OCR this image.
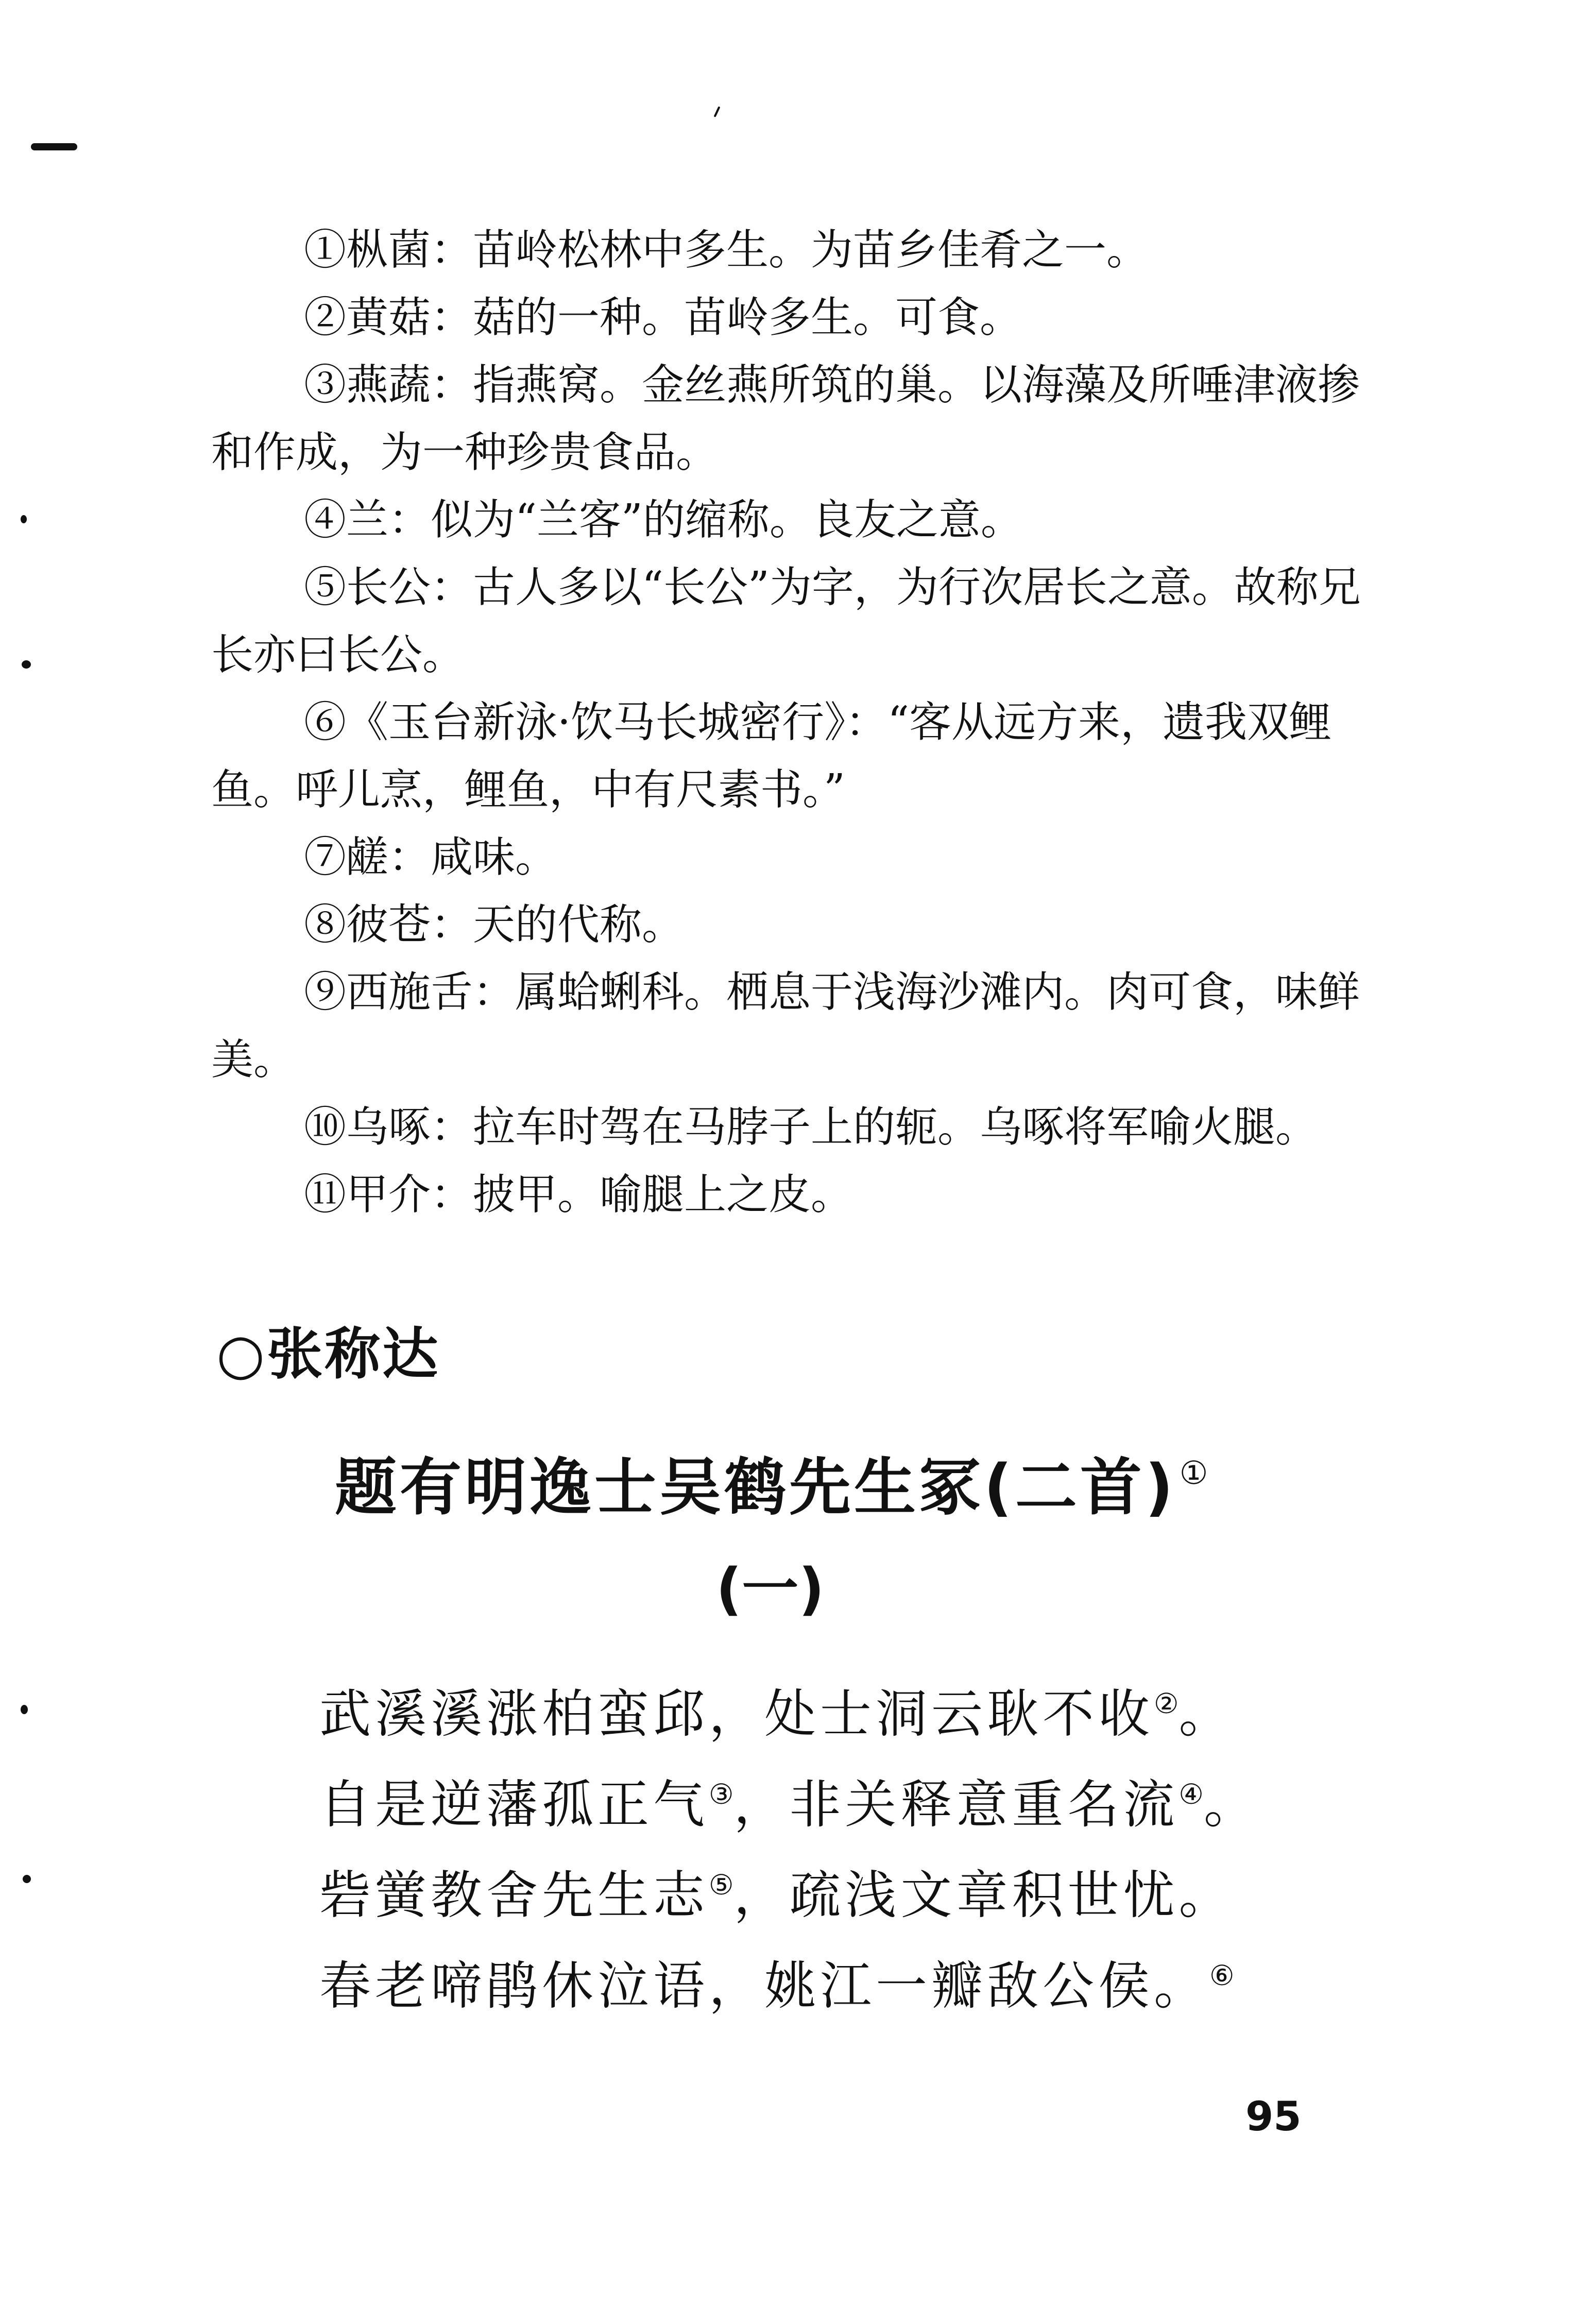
①枞菌：苗岭松林中多生。为苗乡佳肴之一。

②黄菇：菇的一种。苗岭多生。可食。

③燕蔬：指燕窝。金丝燕所筑的巢。以海藻及所唾津液掺和作成，为一种珍贵食品。

④兰：似为“兰客”的缩称。良友之意。

⑤长公：古人多以“长公”为字，为行次居长之意。故称兄长亦曰长公。

⑥《玉台新泳·饮马长城密行》：“客从远方来，遗我双鲤鱼。呼儿烹，鲤鱼，中有尺素书。”

⑦鹾：咸味。

⑧彼苍：天的代称。

⑨西施舌：属蛤蜊科。栖息于浅海沙滩内。肉可食，味鲜美。

⑩乌啄：拉车时驾在马脖子上的轭。乌啄将军喻火腿。

⑪甲介：披甲。喻腿上之皮。

○张称达
题有明逸士吴鹤先生冢(二首)①
(一)

武溪溪涨柏蛮邱，处士洞云耿不收②。

自是逆藩孤正气③，非关释意重名流④。

砦黉教舍先生志⑤，疏浅文章积世忧。

春老啼鹃休泣语，姚江一瓣敌公侯。⑥

95
